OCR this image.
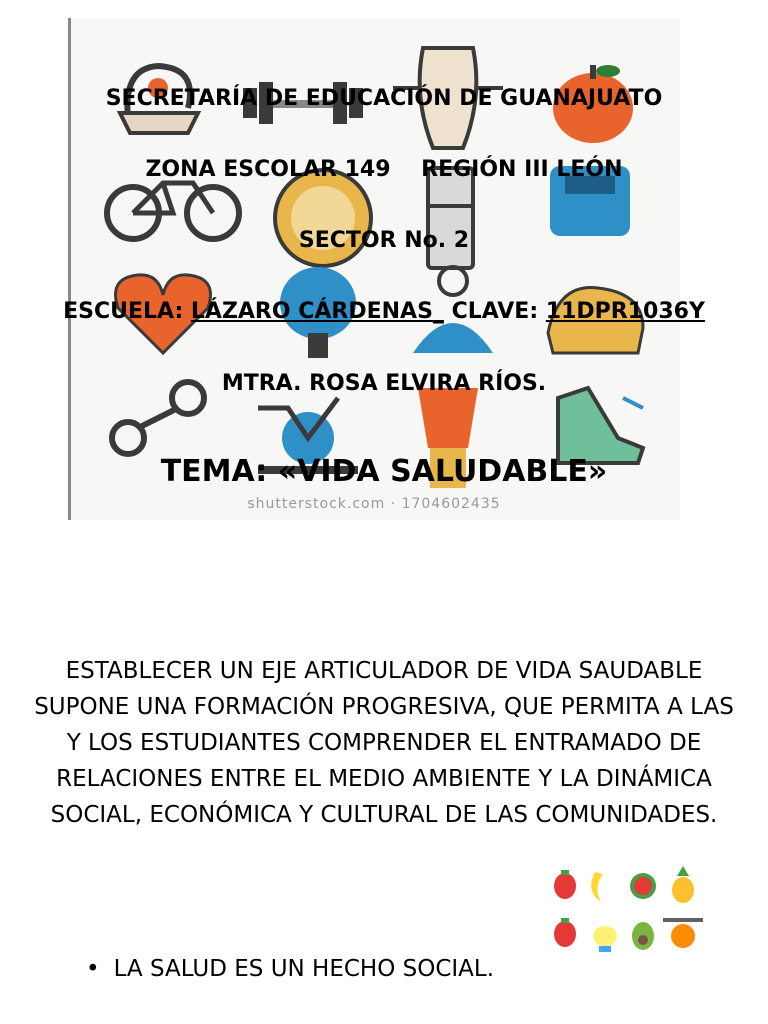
shutterstock.com · 1704602435
SECRETARÍA DE EDUCACIÓN DE GUANAJUATO
ZONA ESCOLAR 149    REGIÓN III LEÓN
SECTOR No. 2
ESCUELA: LÁZARO CÁRDENAS_ CLAVE: 11DPR1036Y
MTRA. ROSA ELVIRA RÍOS.
TEMA: «VIDA SALUDABLE»
ESTABLECER UN EJE ARTICULADOR DE VIDA SAUDABLE SUPONE UNA FORMACIÓN PROGRESIVA, QUE PERMITA A LAS Y LOS ESTUDIANTES COMPRENDER EL ENTRAMADO DE RELACIONES ENTRE EL MEDIO AMBIENTE Y LA DINÁMICA SOCIAL, ECONÓMICA Y CULTURAL DE LAS COMUNIDADES.
• LA SALUD ES UN HECHO SOCIAL.
